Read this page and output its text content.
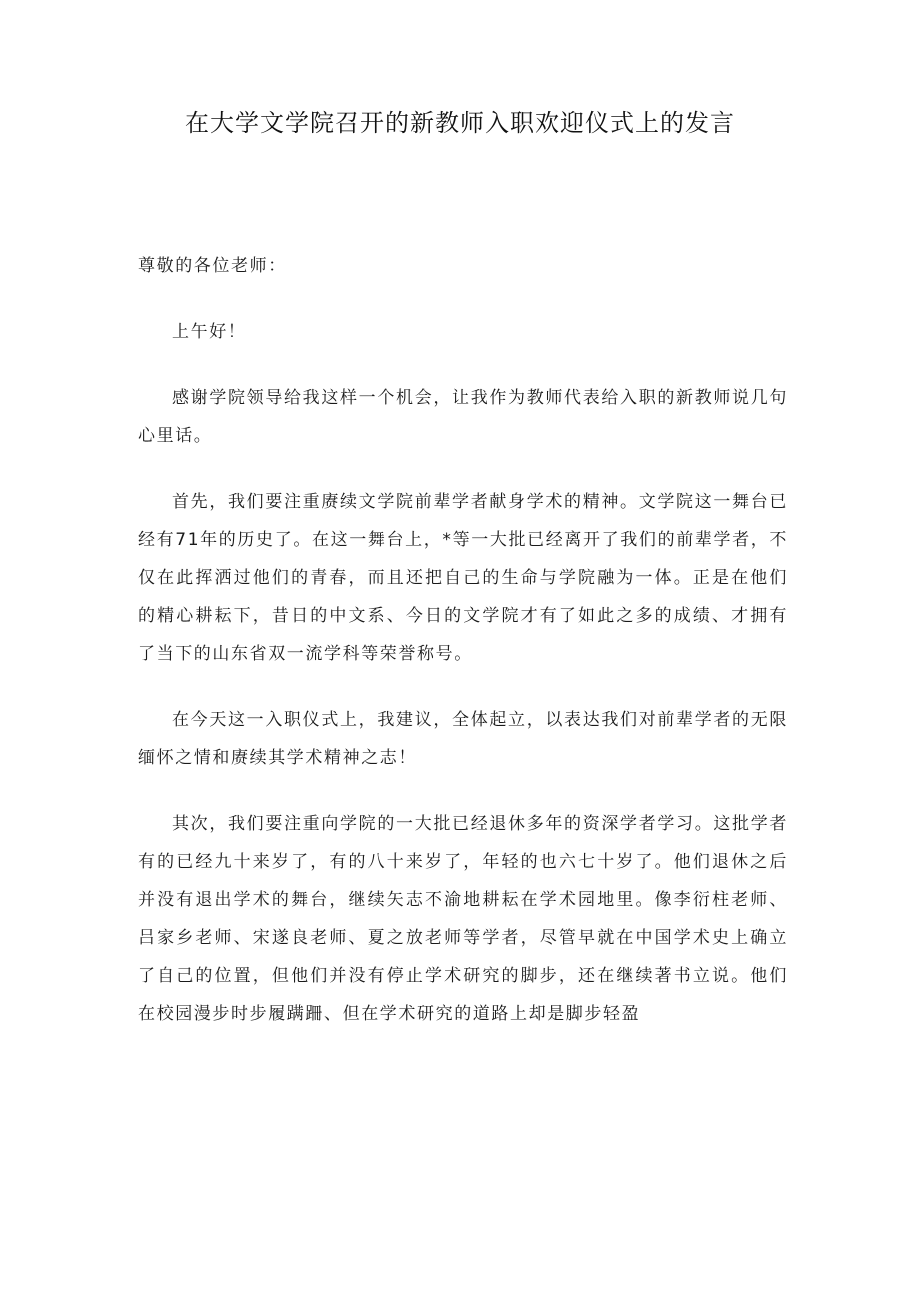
在大学文学院召开的新教师入职欢迎仪式上的发言

尊敬的各位老师：

上午好！

感谢学院领导给我这样一个机会，让我作为教师代表给入职的新教师说几句心里话。

首先，我们要注重赓续文学院前辈学者献身学术的精神。文学院这一舞台已经有71年的历史了。在这一舞台上，*等一大批已经离开了我们的前辈学者，不仅在此挥洒过他们的青春，而且还把自己的生命与学院融为一体。正是在他们的精心耕耘下，昔日的中文系、今日的文学院才有了如此之多的成绩、才拥有了当下的山东省双一流学科等荣誉称号。

在今天这一入职仪式上，我建议，全体起立，以表达我们对前辈学者的无限缅怀之情和赓续其学术精神之志！

其次，我们要注重向学院的一大批已经退休多年的资深学者学习。这批学者有的已经九十来岁了，有的八十来岁了，年轻的也六七十岁了。他们退休之后并没有退出学术的舞台，继续矢志不渝地耕耘在学术园地里。像李衍柱老师、吕家乡老师、宋遂良老师、夏之放老师等学者，尽管早就在中国学术史上确立了自己的位置，但他们并没有停止学术研究的脚步，还在继续著书立说。他们在校园漫步时步履蹒跚、但在学术研究的道路上却是脚步轻盈
